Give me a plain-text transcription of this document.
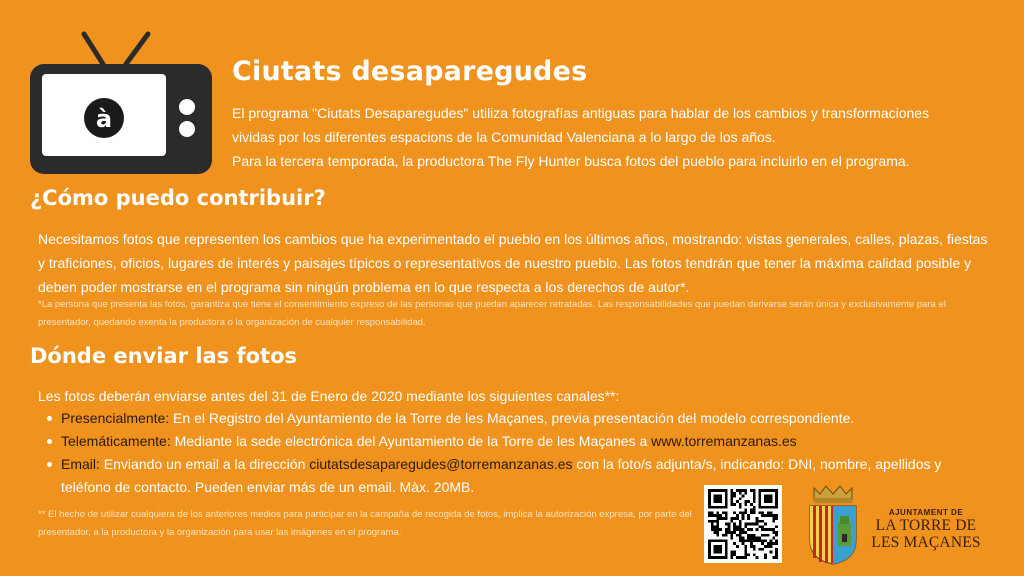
à
Ciutats desaparegudes

El programa "Ciutats Desaparegudes" utiliza fotografías antiguas para hablar de los cambios y transformaciones

vividas por los diferentes espacions de la Comunidad Valenciana a lo largo de los años.

Para la tercera temporada, la productora The Fly Hunter busca fotos del pueblo para incluirlo en el programa.

¿Cómo puedo contribuir?
Necesitamos fotos que representen los cambios que ha experimentado el pueblo en los últimos años, mostrando: vistas generales, calles, plazas, fiestas y traficiones, oficios, lugares de interés y paisajes típicos o representativos de nuestro pueblo. Las fotos tendrán que tener la máxima calidad posible y deben poder mostrarse en el programa sin ningún problema en lo que respecta a los derechos de autor*.
*La persona que presenta las fotos, garantiza que tiene el consentimiento expreso de las personas que puedan aparecer retratadas. Las responsabilidades que puedan derivarse serán única y exclusivamente para el presentador, quedando exenta la productora o la organización de cualquier responsabilidad.
Dónde enviar las fotos
Les fotos deberán enviarse antes del 31 de Enero de 2020 mediante los siguientes canales**:
Presencialmente: En el Registro del Ayuntamiento de la Torre de les Maçanes, previa presentación del modelo correspondiente.
Telemáticamente: Mediante la sede electrónica del Ayuntamiento de la Torre de les Maçanes a www.torremanzanas.es
Email: Enviando un email a la dirección ciutatsdesaparegudes@torremanzanas.es con la foto/s adjunta/s, indicando: DNI, nombre, apellidos y teléfono de contacto. Pueden enviar más de un email. Màx. 20MB.
** El hecho de utilizar cualquiera de los anteriores medios para participar en la campaña de recogida de fotos, implica la autorización expresa, por parte del presentador, a la productora y la organización para usar las imágenes en el programa.
AJUNTAMENT DE
LA TORRE DE
LES MAÇANES
